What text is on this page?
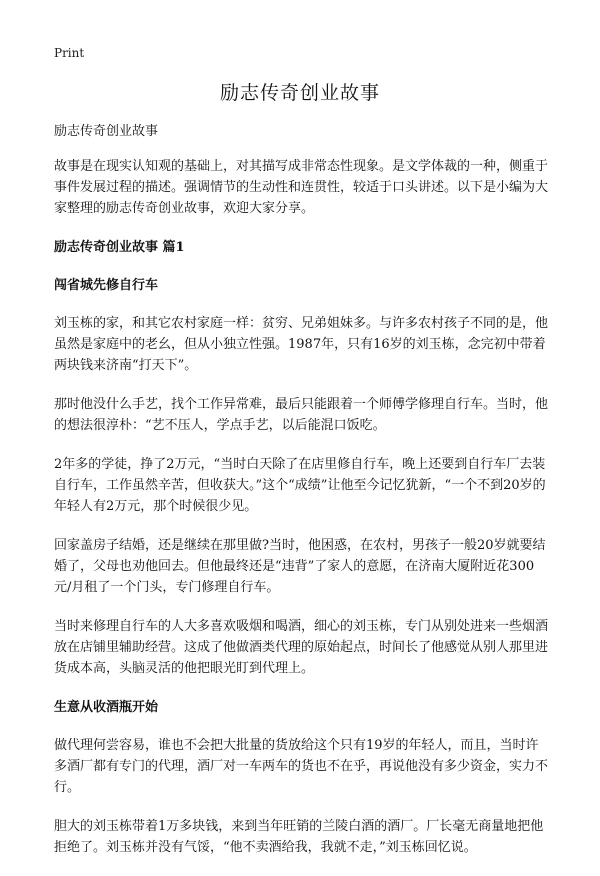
Print
励志传奇创业故事

励志传奇创业故事

故事是在现实认知观的基础上，对其描写成非常态性现象。是文学体裁的一种，侧重于事件发展过程的描述。强调情节的生动性和连贯性，较适于口头讲述。以下是小编为大家整理的励志传奇创业故事，欢迎大家分享。

励志传奇创业故事 篇1

闯省城先修自行车

刘玉栋的家，和其它农村家庭一样：贫穷、兄弟姐妹多。与许多农村孩子不同的是，他虽然是家庭中的老幺，但从小独立性强。1987年，只有16岁的刘玉栋，念完初中带着两块钱来济南“打天下”。

那时他没什么手艺，找个工作异常难，最后只能跟着一个师傅学修理自行车。当时，他的想法很淳朴：“艺不压人，学点手艺，以后能混口饭吃。

2年多的学徒，挣了2万元，“当时白天除了在店里修自行车，晚上还要到自行车厂去装自行车，工作虽然辛苦，但收获大。”这个“成绩”让他至今记忆犹新，“一个不到20岁的年轻人有2万元，那个时候很少见。

回家盖房子结婚，还是继续在那里做?当时，他困惑，在农村，男孩子一般20岁就要结婚了，父母也劝他回去。但他最终还是“违背”了家人的意愿，在济南大厦附近花300元/月租了一个门头，专门修理自行车。

当时来修理自行车的人大多喜欢吸烟和喝酒，细心的刘玉栋，专门从别处进来一些烟酒放在店铺里辅助经营。这成了他做酒类代理的原始起点，时间长了他感觉从别人那里进货成本高，头脑灵活的他把眼光盯到代理上。

生意从收酒瓶开始

做代理何尝容易，谁也不会把大批量的货放给这个只有19岁的年轻人，而且，当时许多酒厂都有专门的代理，酒厂对一车两车的货也不在乎，再说他没有多少资金，实力不行。

胆大的刘玉栋带着1万多块钱，来到当年旺销的兰陵白酒的酒厂。厂长毫无商量地把他拒绝了。刘玉栋并没有气馁，“他不卖酒给我，我就不走，”刘玉栋回忆说。
